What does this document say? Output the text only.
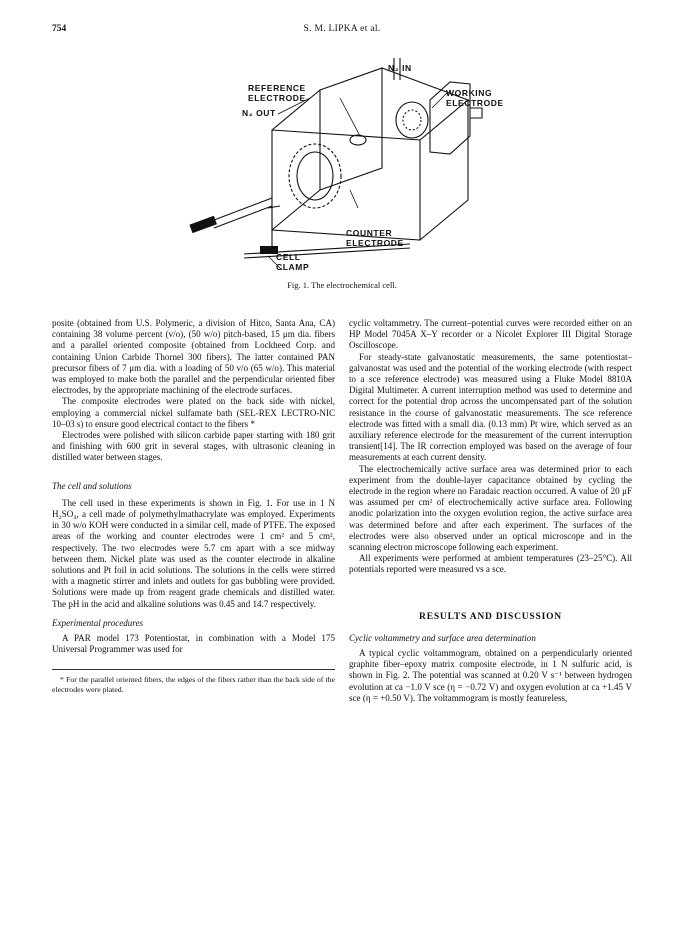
754	S. M. LIPKA et al.
N₂ IN
REFERENCE
ELECTRODE
N₂ OUT
WORKING
ELECTRODE
COUNTER
ELECTRODE
CELL
CLAMP
Fig. 1. The electrochemical cell.

posite (obtained from U.S. Polymeric, a division of Hitco, Santa Ana, CA) containing 38 volume percent (v/o), (50 w/o) pitch-based, 15 μm dia. fibers and a parallel oriented composite (obtained from Lockheed Corp. and containing Union Carbide Thornel 300 fibers). The latter contained PAN precursor fibers of 7 μm dia. with a loading of 50 v/o (65 w/o). This material was employed to make both the parallel and the perpendicular oriented fiber electrodes, by the appropriate machining of the electrode surfaces.

The composite electrodes were plated on the back side with nickel, employing a commercial nickel sulfamate bath (SEL-REX LECTRO-NIC 10–03 s) to ensure good electrical contact to the fibers *

Electrodes were polished with silicon carbide paper starting with 180 grit and finishing with 600 grit in several stages, with ultrasonic cleaning in distilled water between stages.

The cell and solutions

The cell used in these experiments is shown in Fig. 1. For use in 1 N H₂SO₄, a cell made of polymethylmathacrylate was employed. Experiments in 30 w/o KOH were conducted in a similar cell, made of PTFE. The exposed areas of the working and counter electrodes were 1 cm² and 5 cm², respectively. The two electrodes were 5.7 cm apart with a sce midway between them. Nickel plate was used as the counter electrode in alkaline solutions and Pt foil in acid solutions. The solutions in the cells were stirred with a magnetic stirrer and inlets and outlets for gas bubbling were provided. Solutions were made up from reagent grade chemicals and distilled water. The pH in the acid and alkaline solutions was 0.45 and 14.7 respectively.

Experimental procedures

A PAR model 173 Potentiostat, in combination with a Model 175 Universal Programmer was used for

* For the parallel oriented fibers, the edges of the fibers rather than the back side of the electrodes were plated.

cyclic voltammetry. The current–potential curves were recorded either on an HP Model 7045A X–Y recorder or a Nicolet Explorer III Digital Storage Oscilloscope.

For steady-state galvanostatic measurements, the same potentiostat–galvanostat was used and the potential of the working electrode (with respect to a sce reference electrode) was measured using a Fluke Model 8810A Digital Multimeter. A current interruption method was used to determine and correct for the potential drop across the uncompensated part of the solution resistance in the course of galvanostatic measurements. The sce reference electrode was fitted with a small dia. (0.13 mm) Pt wire, which served as an auxiliary reference electrode for the measurement of the current interruption transient[14]. The IR correction employed was based on the average of four measurements at each current density.

The electrochemically active surface area was determined prior to each experiment from the double-layer capacitance obtained by cycling the electrode in the region where no Faradaic reaction occurred. A value of 20 μF was assumed per cm² of electrochemically active surface area. Following anodic polarization into the oxygen evolution region, the active surface area was determined before and after each experiment. The surfaces of the electrodes were also observed under an optical microscope and in the scanning electron microscope following each experiment.

All experiments were performed at ambient temperatures (23–25°C). All potentials reported were measured vs a sce.

RESULTS AND DISCUSSION
Cyclic voltammetry and surface area determination

A typical cyclic voltammogram, obtained on a perpendicularly oriented graphite fiber–epoxy matrix composite electrode, in 1 N sulfuric acid, is shown in Fig. 2. The potential was scanned at 0.20 V s⁻¹ between hydrogen evolution at ca −1.0 V sce (η = −0.72 V) and oxygen evolution at ca +1.45 V sce (η = +0.50 V). The voltammogram is mostly featureless,
